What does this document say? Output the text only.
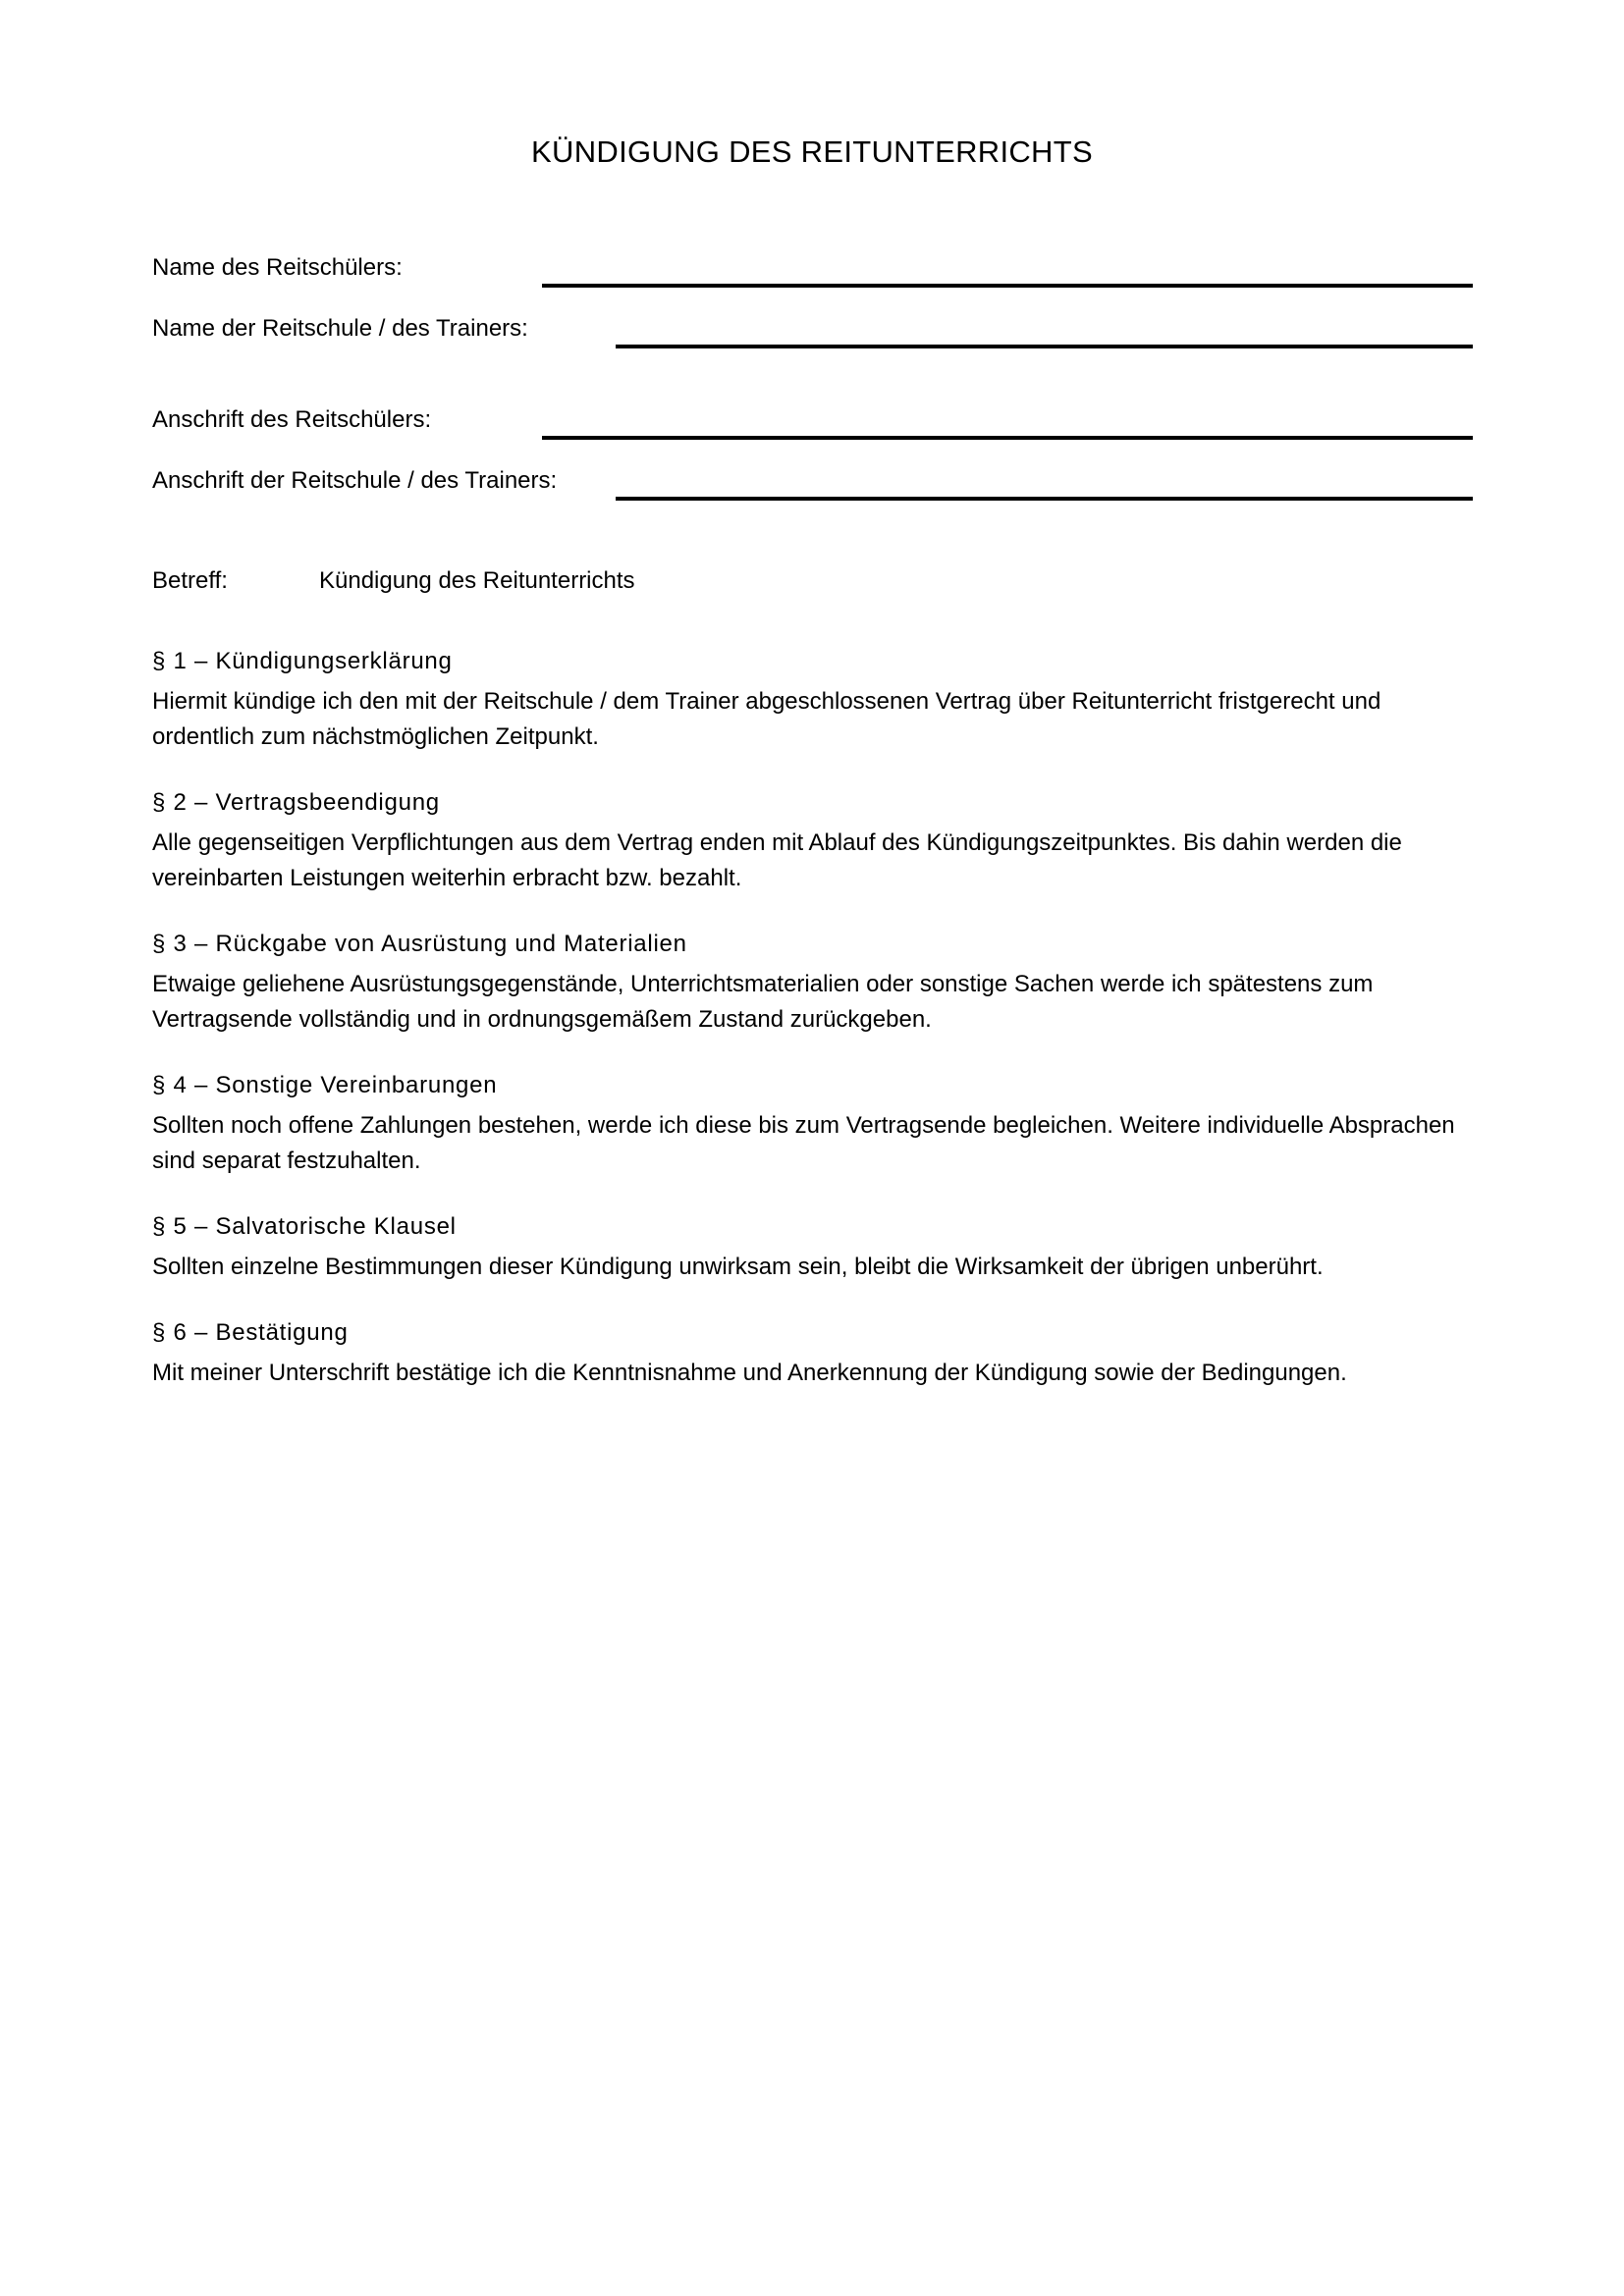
KÜNDIGUNG DES REITUNTERRICHTS
Name des Reitschülers:
Name der Reitschule / des Trainers:
Anschrift des Reitschülers:
Anschrift der Reitschule / des Trainers:
Betreff:	Kündigung des Reitunterrichts
§ 1 – Kündigungserklärung

Hiermit kündige ich den mit der Reitschule / dem Trainer abgeschlossenen Vertrag über Reitunterricht fristgerecht und ordentlich zum nächstmöglichen Zeitpunkt.

§ 2 – Vertragsbeendigung

Alle gegenseitigen Verpflichtungen aus dem Vertrag enden mit Ablauf des Kündigungszeitpunktes. Bis dahin werden die vereinbarten Leistungen weiterhin erbracht bzw. bezahlt.

§ 3 – Rückgabe von Ausrüstung und Materialien

Etwaige geliehene Ausrüstungsgegenstände, Unterrichtsmaterialien oder sonstige Sachen werde ich spätestens zum Vertragsende vollständig und in ordnungsgemäßem Zustand zurückgeben.

§ 4 – Sonstige Vereinbarungen

Sollten noch offene Zahlungen bestehen, werde ich diese bis zum Vertragsende begleichen. Weitere individuelle Absprachen sind separat festzuhalten.

§ 5 – Salvatorische Klausel

Sollten einzelne Bestimmungen dieser Kündigung unwirksam sein, bleibt die Wirksamkeit der übrigen unberührt.

§ 6 – Bestätigung

Mit meiner Unterschrift bestätige ich die Kenntnisnahme und Anerkennung der Kündigung sowie der Bedingungen.
